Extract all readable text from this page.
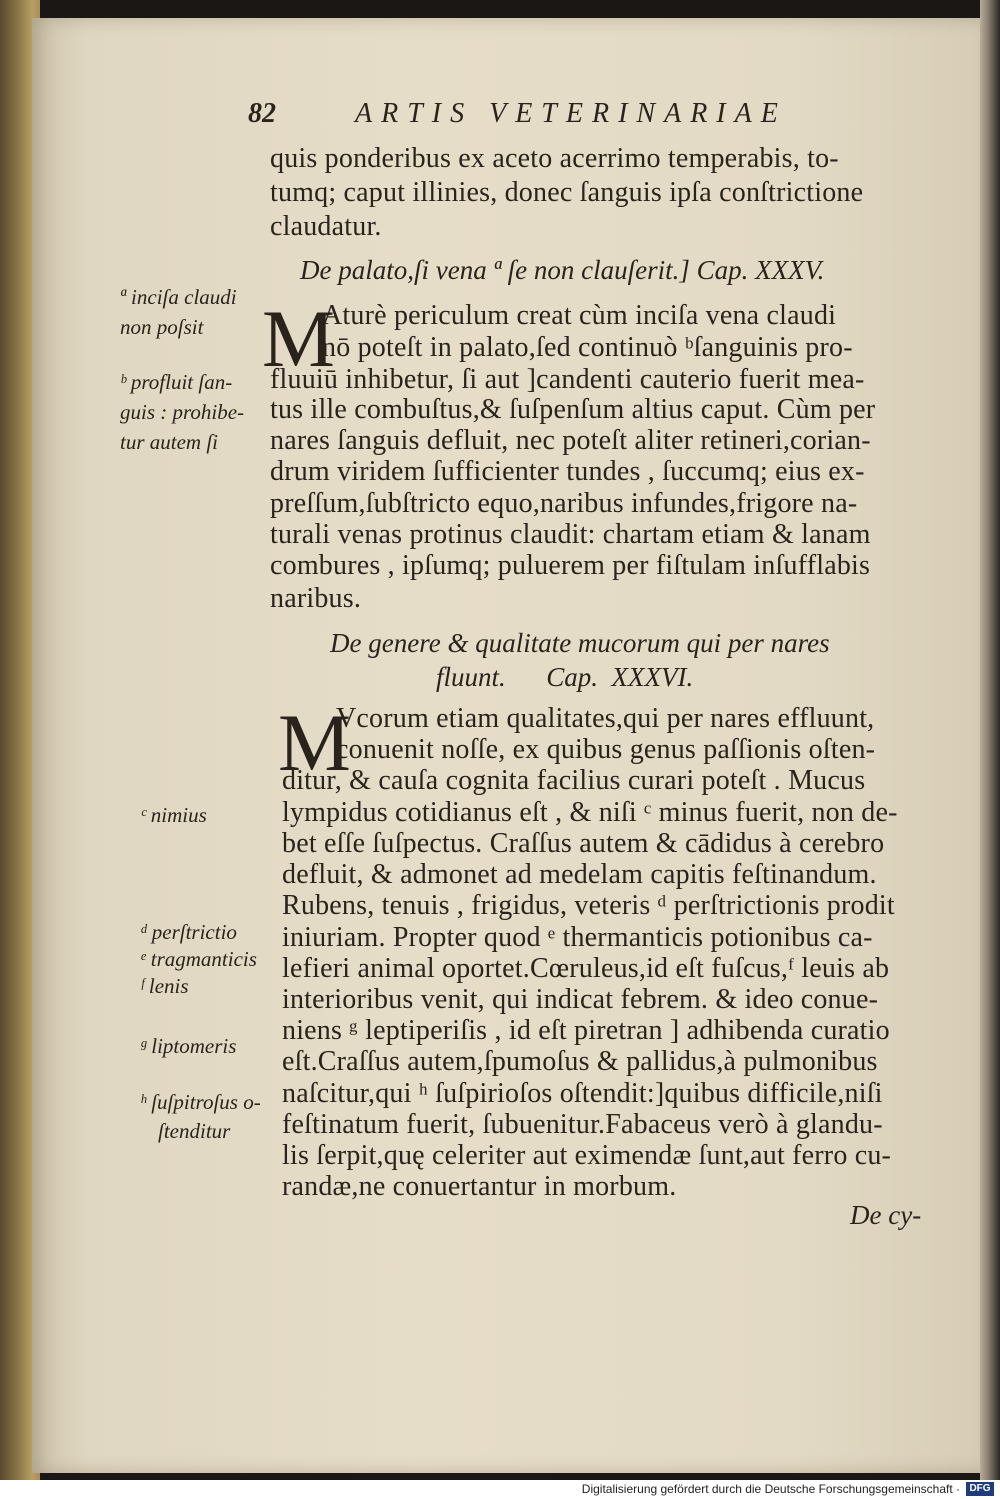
82	ARTIS VETERINARIAE
quis ponderibus ex aceto acerrimo temperabis, to-
tumq; caput illinies, donec ſanguis ipſa conſtrictione
claudatur.
De palato,ſi vena ª ſe non clauſerit.] Cap. XXXV.
M
Aturè periculum creat cùm inciſa vena claudi
nō poteſt in palato,ſed continuò ᵇſanguinis pro-
fluuiū inhibetur, ſi aut ]candenti cauterio fuerit mea-
tus ille combuſtus,& ſuſpenſum altius caput. Cùm per
nares ſanguis defluit, nec poteſt aliter retineri,corian-
drum viridem ſufficienter tundes , ſuccumq; eius ex-
preſſum,ſubſtricto equo,naribus infundes,frigore na-
turali venas protinus claudit: chartam etiam & lanam
combures , ipſumq; puluerem per fiſtulam inſufflabis
naribus.
De genere & qualitate mucorum qui per nares
fluunt.      Cap.  XXXVI.
M
Vcorum etiam qualitates,qui per nares effluunt,
conuenit noſſe, ex quibus genus paſſionis oſten-
ditur, & cauſa cognita facilius curari poteſt . Mucus
lympidus cotidianus eſt , & niſi ᶜ minus fuerit, non de-
bet eſſe ſuſpectus. Craſſus autem & cādidus à cerebro
defluit, & admonet ad medelam capitis feſtinandum.
Rubens, tenuis , frigidus, veteris ᵈ perſtrictionis prodit
iniuriam. Propter quod ᵉ thermanticis potionibus ca-
lefieri animal oportet.Cœruleus,id eſt fuſcus,ᶠ leuis ab
interioribus venit, qui indicat febrem. & ideo conue-
niens ᵍ leptiperiſis , id eſt piretran ] adhibenda curatio
eſt.Craſſus autem,ſpumoſus & pallidus,à pulmonibus
naſcitur,qui ʰ ſuſpirioſos oſtendit:]quibus difficile,niſi
feſtinatum fuerit, ſubuenitur.Fabaceus verò à glandu-
lis ſerpit,quę celeriter aut eximendæ ſunt,aut ferro cu-
randæ,ne conuertantur in morbum.
De cy-
ª inciſa claudi
non poſsit
ᵇ profluit ſan-
guis : prohibe-
tur autem ſi
ᶜ nimius
ᵈ perſtrictio
ᵉ tragmanticis
ᶠ lenis
ᵍ liptomeris
ʰ ſuſpitroſus o-
ſtenditur
Digitalisierung gefördert durch die Deutsche Forschungsgemeinschaft · DFG
